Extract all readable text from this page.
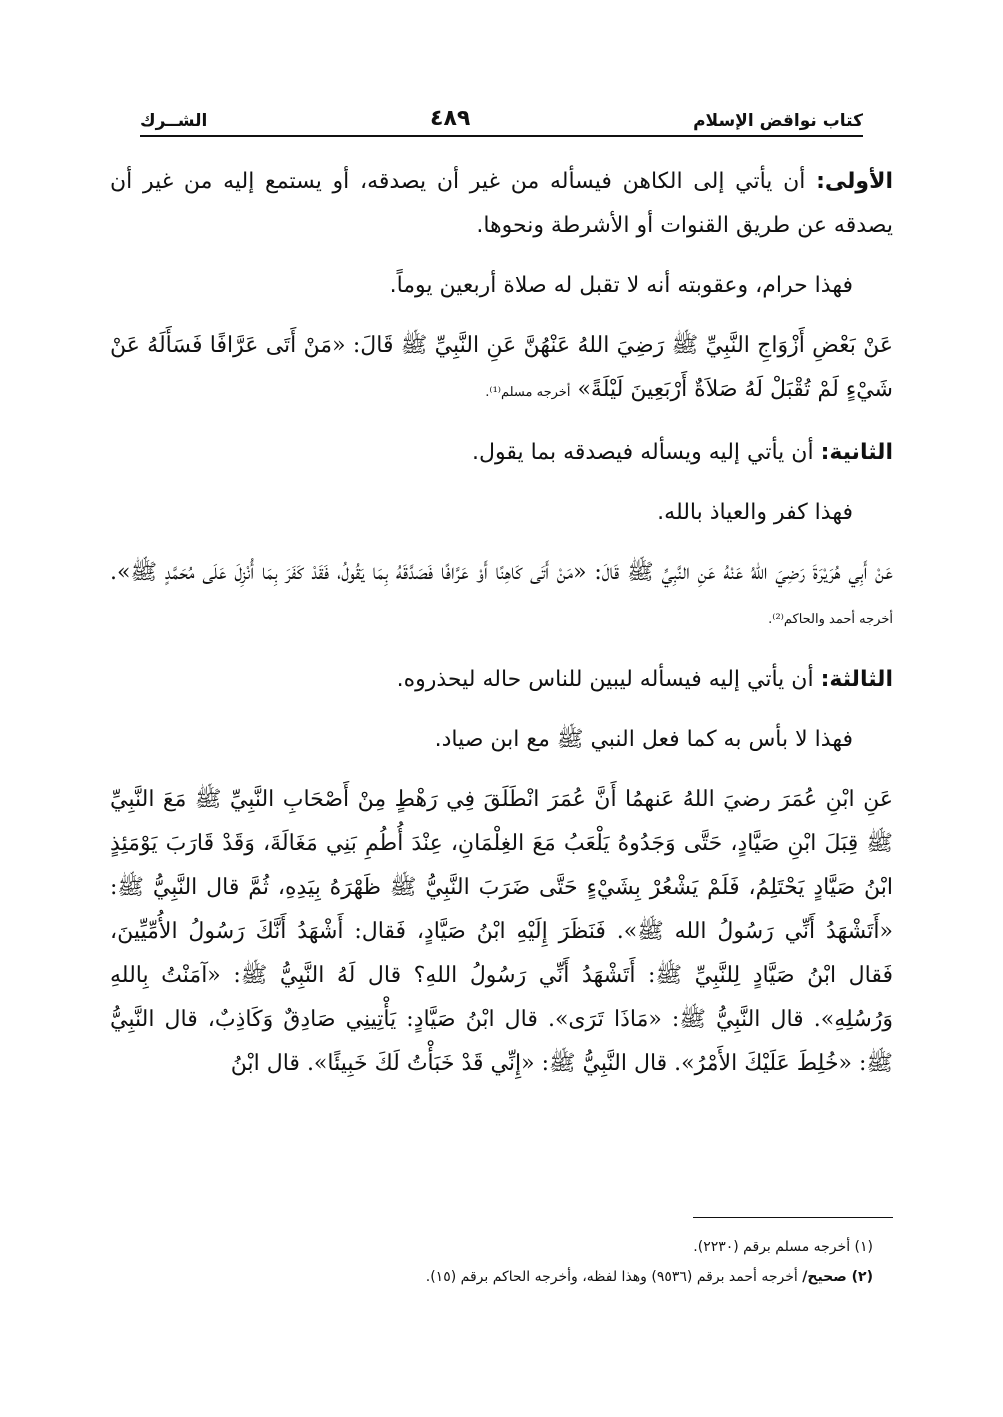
كتاب نواقض الإسلام
٤٨٩
الشــرك

الأولى: أن يأتي إلى الكاهن فيسأله من غير أن يصدقه، أو يستمع إليه من غير أن يصدقه عن طريق القنوات أو الأشرطة ونحوها.

فهذا حرام، وعقوبته أنه لا تقبل له صلاة أربعين يوماً.

عَنْ بَعْضِ أَزْوَاجِ النَّبِيِّ ﷺ رَضِيَ اللهُ عَنْهُنَّ عَنِ النَّبِيِّ ﷺ قَالَ: «مَنْ أَتَى عَرَّافًا فَسَأَلَهُ عَنْ شَيْءٍ لَمْ تُقْبَلْ لَهُ صَلاَةٌ أَرْبَعِينَ لَيْلَةً» أخرجه مسلم⁽¹⁾.

الثانية: أن يأتي إليه ويسأله فيصدقه بما يقول.

فهذا كفر والعياذ بالله.

عَنْ أَبِي هُرَيْرَةَ رَضِيَ اللهُ عَنْهُ عَنِ النَّبِيِّ ﷺ قَالَ: «مَنْ أَتَى كَاهِنًا أَوْ عَرَّافًا فَصَدَّقَهُ بِمَا يَقُولُ، فَقَدْ كَفَرَ بِمَا أُنْزِلَ عَلَى مُحَمَّدٍ ﷺ». أخرجه أحمد والحاكم⁽²⁾.

الثالثة: أن يأتي إليه فيسأله ليبين للناس حاله ليحذروه.

فهذا لا بأس به كما فعل النبي ﷺ مع ابن صياد.

عَنِ ابْنِ عُمَرَ رضيَ اللهُ عَنهمُا أَنَّ عُمَرَ انْطَلَقَ فِي رَهْطٍ مِنْ أَصْحَابِ النَّبِيِّ ﷺ مَعَ النَّبِيِّ ﷺ قِبَلَ ابْنِ صَيَّادٍ، حَتَّى وَجَدُوهُ يَلْعَبُ مَعَ الغِلْمَانِ، عِنْدَ أُطُمِ بَنِي مَغَالَةَ، وَقَدْ قَارَبَ يَوْمَئِذٍ ابْنُ صَيَّادٍ يَحْتَلِمُ، فَلَمْ يَشْعُرْ بِشَيْءٍ حَتَّى ضَرَبَ النَّبِيُّ ﷺ ظَهْرَهُ بِيَدِهِ، ثُمَّ قال النَّبِيُّ ﷺ: «أَتَشْهَدُ أَنِّي رَسُولُ الله ﷺ». فَنَظَرَ إِلَيْهِ ابْنُ صَيَّادٍ، فَقال: أَشْهَدُ أَنَّكَ رَسُولُ الأُمِّيِّينَ، فَقال ابْنُ صَيَّادٍ لِلنَّبِيِّ ﷺ: أَتَشْهَدُ أَنِّي رَسُولُ اللهِ؟ قال لَهُ النَّبِيُّ ﷺ: «آمَنْتُ بِاللهِ وَرُسُلِهِ». قال النَّبِيُّ ﷺ: «مَاذَا تَرَى». قال ابْنُ صَيَّادٍ: يَأْتِينِي صَادِقٌ وَكَاذِبٌ، قال النَّبِيُّ ﷺ: «خُلِطَ عَلَيْكَ الأَمْرُ». قال النَّبِيُّ ﷺ: «إِنِّي قَدْ خَبَأْتُ لَكَ خَبِيئًا». قال ابْنُ

(١) أخرجه مسلم برقم (٢٢٣٠).

(٢) صحيح/ أخرجه أحمد برقم (٩٥٣٦) وهذا لفظه، وأخرجه الحاكم برقم (١٥).
